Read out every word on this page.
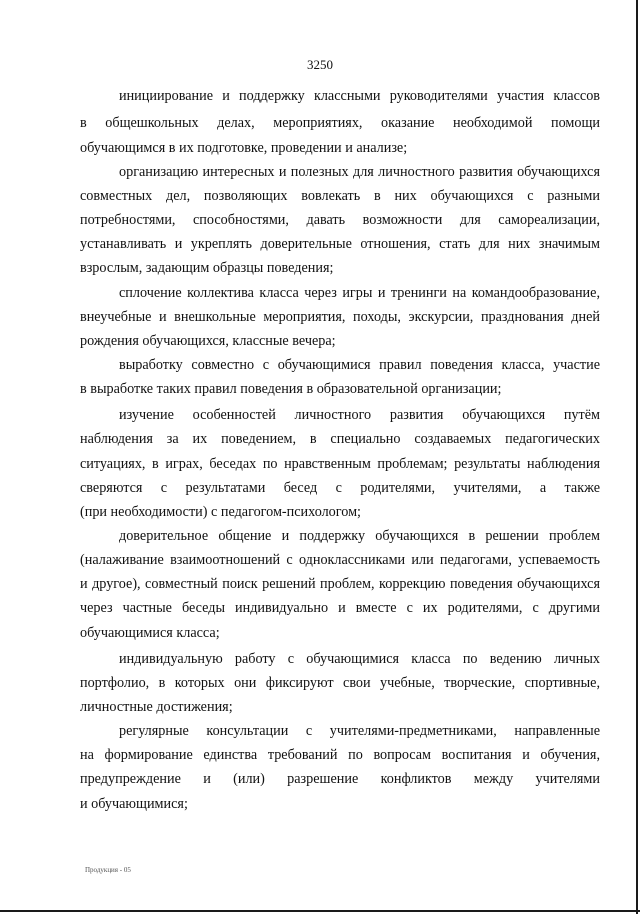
3250
инициирование и поддержку классными руководителями участия классов
в общешкольных делах, мероприятиях, оказание необходимой помощи
обучающимся в их подготовке, проведении и анализе;
организацию интересных и полезных для личностного развития обучающихся
совместных дел, позволяющих вовлекать в них обучающихся с разными
потребностями, способностями, давать возможности для самореализации,
устанавливать и укреплять доверительные отношения, стать для них значимым
взрослым, задающим образцы поведения;
сплочение коллектива класса через игры и тренинги на командообразование,
внеучебные и внешкольные мероприятия, походы, экскурсии, празднования дней
рождения обучающихся, классные вечера;
выработку совместно с обучающимися правил поведения класса, участие
в выработке таких правил поведения в образовательной организации;
изучение особенностей личностного развития обучающихся путём
наблюдения за их поведением, в специально создаваемых педагогических
ситуациях, в играх, беседах по нравственным проблемам; результаты наблюдения
сверяются с результатами бесед с родителями, учителями, а также
(при необходимости) с педагогом-психологом;
доверительное общение и поддержку обучающихся в решении проблем
(налаживание взаимоотношений с одноклассниками или педагогами, успеваемость
и другое), совместный поиск решений проблем, коррекцию поведения обучающихся
через частные беседы индивидуально и вместе с их родителями, с другими
обучающимися класса;
индивидуальную работу с обучающимися класса по ведению личных
портфолио, в которых они фиксируют свои учебные, творческие, спортивные,
личностные достижения;
регулярные консультации с учителями-предметниками, направленные
на формирование единства требований по вопросам воспитания и обучения,
предупреждение и (или) разрешение конфликтов между учителями
и обучающимися;
Продукция - 05
